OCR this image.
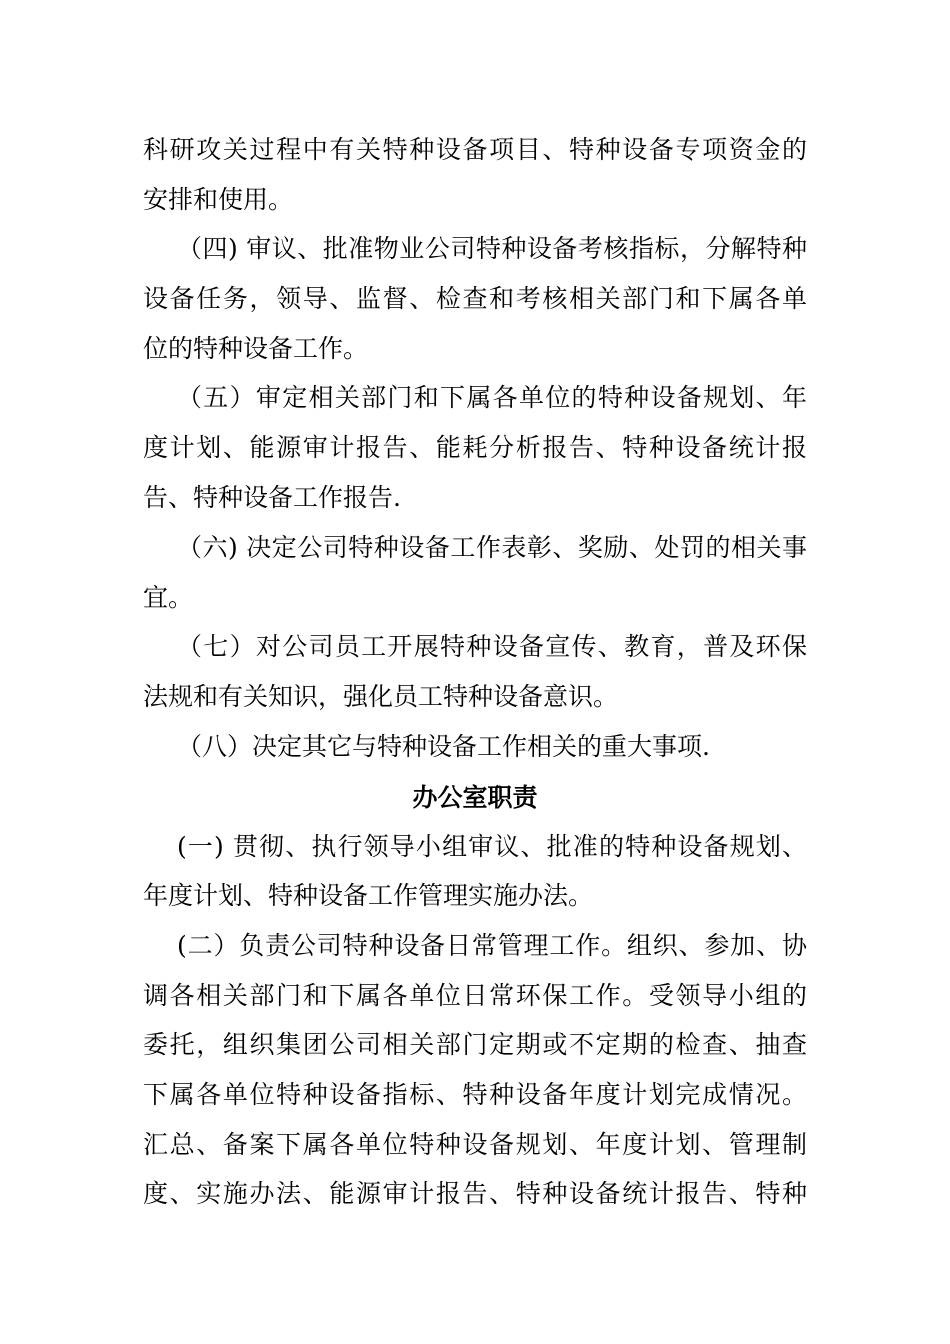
科研攻关过程中有关特种设备项目、特种设备专项资金的
安排和使用。
（四) 审议、批准物业公司特种设备考核指标，分解特种
设备任务，领导、监督、检查和考核相关部门和下属各单
位的特种设备工作。
（五）审定相关部门和下属各单位的特种设备规划、年
度计划、能源审计报告、能耗分析报告、特种设备统计报
告、特种设备工作报告.
（六) 决定公司特种设备工作表彰、奖励、处罚的相关事
宜。
（七）对公司员工开展特种设备宣传、教育，普及环保
法规和有关知识，强化员工特种设备意识。
（八）决定其它与特种设备工作相关的重大事项.
办公室职责
(一) 贯彻、执行领导小组审议、批准的特种设备规划、
年度计划、特种设备工作管理实施办法。
(二）负责公司特种设备日常管理工作。组织、参加、协
调各相关部门和下属各单位日常环保工作。受领导小组的
委托，组织集团公司相关部门定期或不定期的检查、抽查
下属各单位特种设备指标、特种设备年度计划完成情况。
汇总、备案下属各单位特种设备规划、年度计划、管理制
度、实施办法、能源审计报告、特种设备统计报告、特种
